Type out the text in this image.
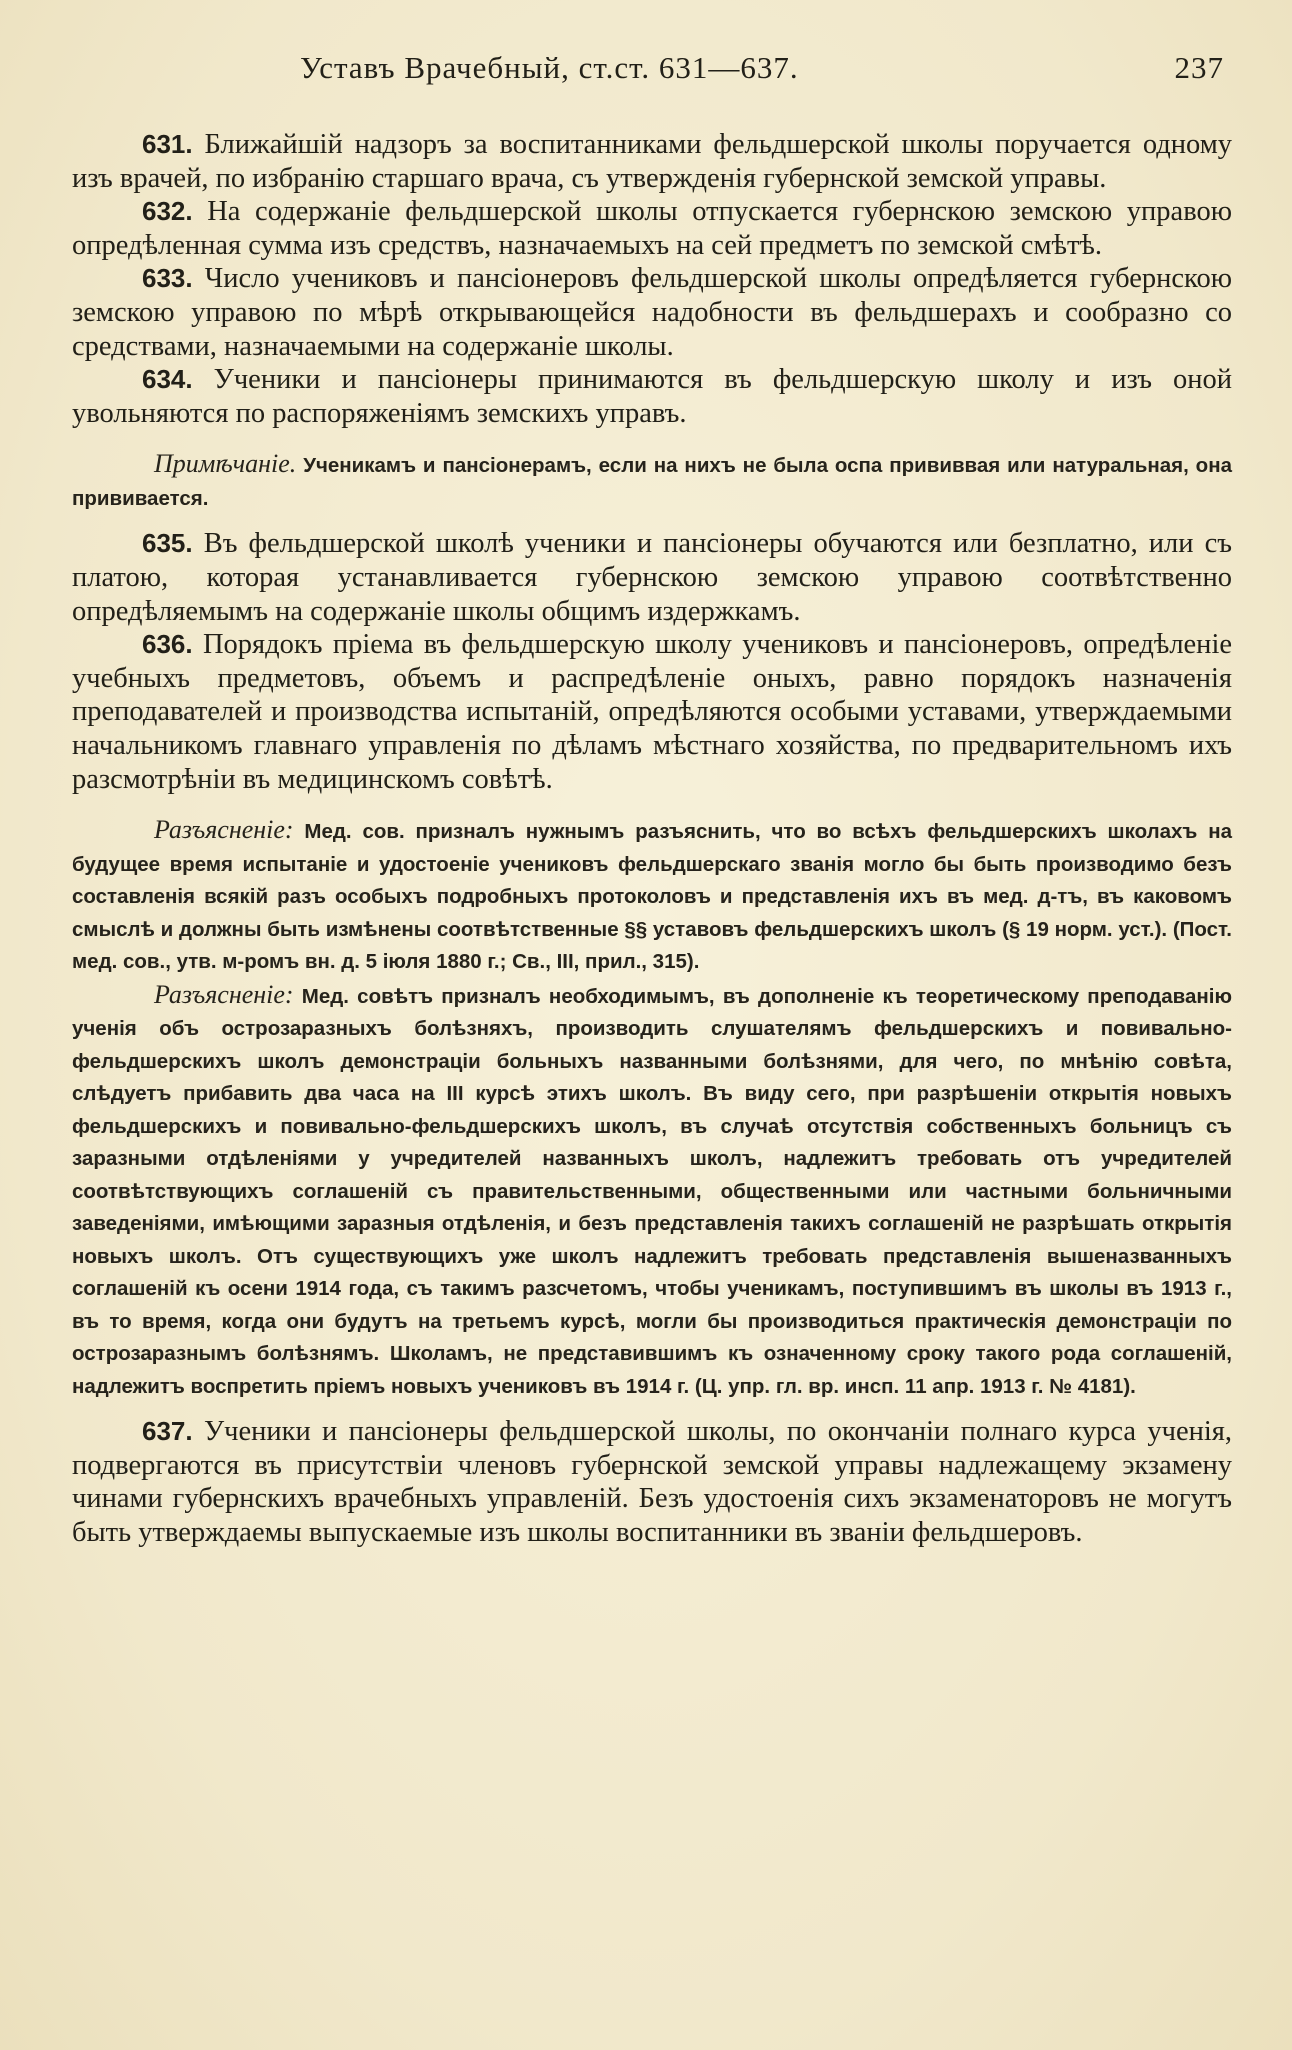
Уставъ Врачебный, ст.ст. 631—637.	237

631. Ближайшій надзоръ за воспитанниками фельдшерской школы поручается одному изъ врачей, по избранію старшаго врача, съ утвержденія губернской земской управы.

632. На содержаніе фельдшерской школы отпускается губернскою земскою управою опредѣленная сумма изъ средствъ, назначаемыхъ на сей предметъ по земской смѣтѣ.

633. Число учениковъ и пансіонеровъ фельдшерской школы опредѣляется губернскою земскою управою по мѣрѣ открывающейся надобности въ фельдшерахъ и сообразно со средствами, назначаемыми на содержаніе школы.

634. Ученики и пансіонеры принимаются въ фельдшерскую школу и изъ оной увольняются по распоряженіямъ земскихъ управъ.

Примѣчаніе. Ученикамъ и пансіонерамъ, если на нихъ не была оспа прививвая или натуральная, она прививается.

635. Въ фельдшерской школѣ ученики и пансіонеры обучаются или безплатно, или съ платою, которая устанавливается губернскою земскою управою соотвѣтственно опредѣляемымъ на содержаніе школы общимъ издержкамъ.

636. Порядокъ пріема въ фельдшерскую школу учениковъ и пансіонеровъ, опредѣленіе учебныхъ предметовъ, объемъ и распредѣленіе оныхъ, равно порядокъ назначенія преподавателей и производства испытаній, опредѣляются особыми уставами, утверждаемыми начальникомъ главнаго управленія по дѣламъ мѣстнаго хозяйства, по предварительномъ ихъ разсмотрѣніи въ медицинскомъ совѣтѣ.

Разъясненіе: Мед. сов. призналъ нужнымъ разъяснить, что во всѣхъ фельдшерскихъ школахъ на будущее время испытаніе и удостоеніе учениковъ фельдшерскаго званія могло бы быть производимо безъ составленія всякій разъ особыхъ подробныхъ протоколовъ и представленія ихъ въ мед. д-тъ, въ каковомъ смыслѣ и должны быть измѣнены соотвѣтственные §§ уставовъ фельдшерскихъ школъ (§ 19 норм. уст.). (Пост. мед. сов., утв. м-ромъ вн. д. 5 іюля 1880 г.; Св., III, прил., 315).

Разъясненіе: Мед. совѣтъ призналъ необходимымъ, въ дополненіе къ теоретическому преподаванію ученія объ острозаразныхъ болѣзняхъ, производить слушателямъ фельдшерскихъ и повивально-фельдшерскихъ школъ демонстраціи больныхъ названными болѣзнями, для чего, по мнѣнію совѣта, слѣдуетъ прибавить два часа на III курсѣ этихъ школъ. Въ виду сего, при разрѣшеніи открытія новыхъ фельдшерскихъ и повивально-фельдшерскихъ школъ, въ случаѣ отсутствія собственныхъ больницъ съ заразными отдѣленіями у учредителей названныхъ школъ, надлежитъ требовать отъ учредителей соотвѣтствующихъ соглашеній съ правительственными, общественными или частными больничными заведеніями, имѣющими заразныя отдѣленія, и безъ представленія такихъ соглашеній не разрѣшать открытія новыхъ школъ. Отъ существующихъ уже школъ надлежитъ требовать представленія вышеназванныхъ соглашеній къ осени 1914 года, съ такимъ разсчетомъ, чтобы ученикамъ, поступившимъ въ школы въ 1913 г., въ то время, когда они будутъ на третьемъ курсѣ, могли бы производиться практическія демонстраціи по острозаразнымъ болѣзнямъ. Школамъ, не представившимъ къ означенному сроку такого рода соглашеній, надлежитъ воспретить пріемъ новыхъ учениковъ въ 1914 г. (Ц. упр. гл. вр. инсп. 11 апр. 1913 г. № 4181).

637. Ученики и пансіонеры фельдшерской школы, по окончаніи полнаго курса ученія, подвергаются въ присутствіи членовъ губернской земской управы надлежащему экзамену чинами губернскихъ врачебныхъ управленій. Безъ удостоенія сихъ экзаменаторовъ не могутъ быть утверждаемы выпускаемые изъ школы воспитанники въ званіи фельдшеровъ.
